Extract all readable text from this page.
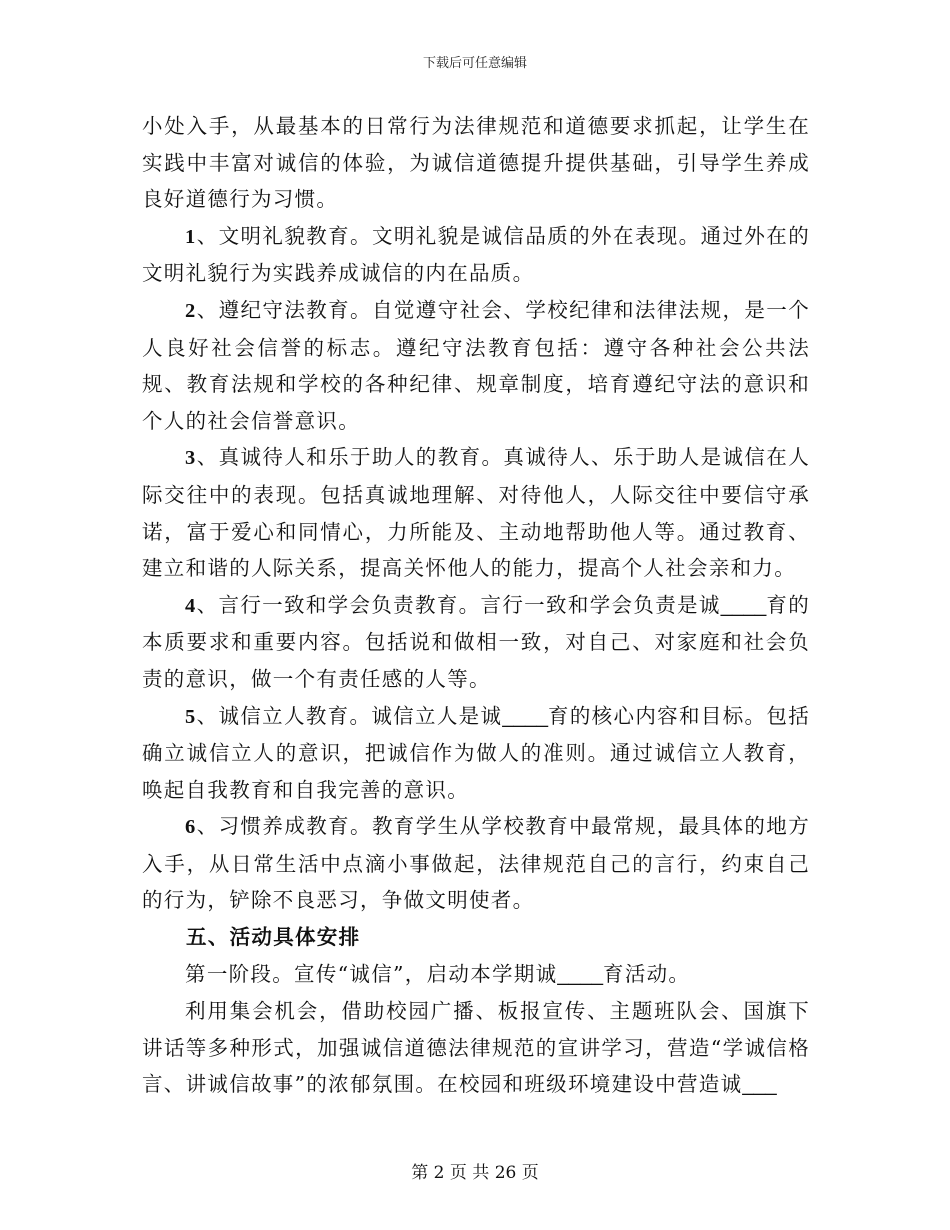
下载后可任意编辑

小处入手，从最基本的日常行为法律规范和道德要求抓起，让学生在实践中丰富对诚信的体验，为诚信道德提升提供基础，引导学生养成良好道德行为习惯。

1、文明礼貌教育。文明礼貌是诚信品质的外在表现。通过外在的文明礼貌行为实践养成诚信的内在品质。

2、遵纪守法教育。自觉遵守社会、学校纪律和法律法规，是一个人良好社会信誉的标志。遵纪守法教育包括：遵守各种社会公共法规、教育法规和学校的各种纪律、规章制度，培育遵纪守法的意识和个人的社会信誉意识。

3、真诚待人和乐于助人的教育。真诚待人、乐于助人是诚信在人际交往中的表现。包括真诚地理解、对待他人，人际交往中要信守承诺，富于爱心和同情心，力所能及、主动地帮助他人等。通过教育、建立和谐的人际关系，提高关怀他人的能力，提高个人社会亲和力。

4、言行一致和学会负责教育。言行一致和学会负责是诚____育的本质要求和重要内容。包括说和做相一致，对自己、对家庭和社会负责的意识，做一个有责任感的人等。

5、诚信立人教育。诚信立人是诚____育的核心内容和目标。包括确立诚信立人的意识，把诚信作为做人的准则。通过诚信立人教育，唤起自我教育和自我完善的意识。

6、习惯养成教育。教育学生从学校教育中最常规，最具体的地方入手，从日常生活中点滴小事做起，法律规范自己的言行，约束自己的行为，铲除不良恶习，争做文明使者。

五、活动具体安排

第一阶段。宣传“诚信”，启动本学期诚____育活动。

利用集会机会，借助校园广播、板报宣传、主题班队会、国旗下讲话等多种形式，加强诚信道德法律规范的宣讲学习，营造“学诚信格言、讲诚信故事”的浓郁氛围。在校园和班级环境建设中营造诚___

第 2 页 共 26 页
